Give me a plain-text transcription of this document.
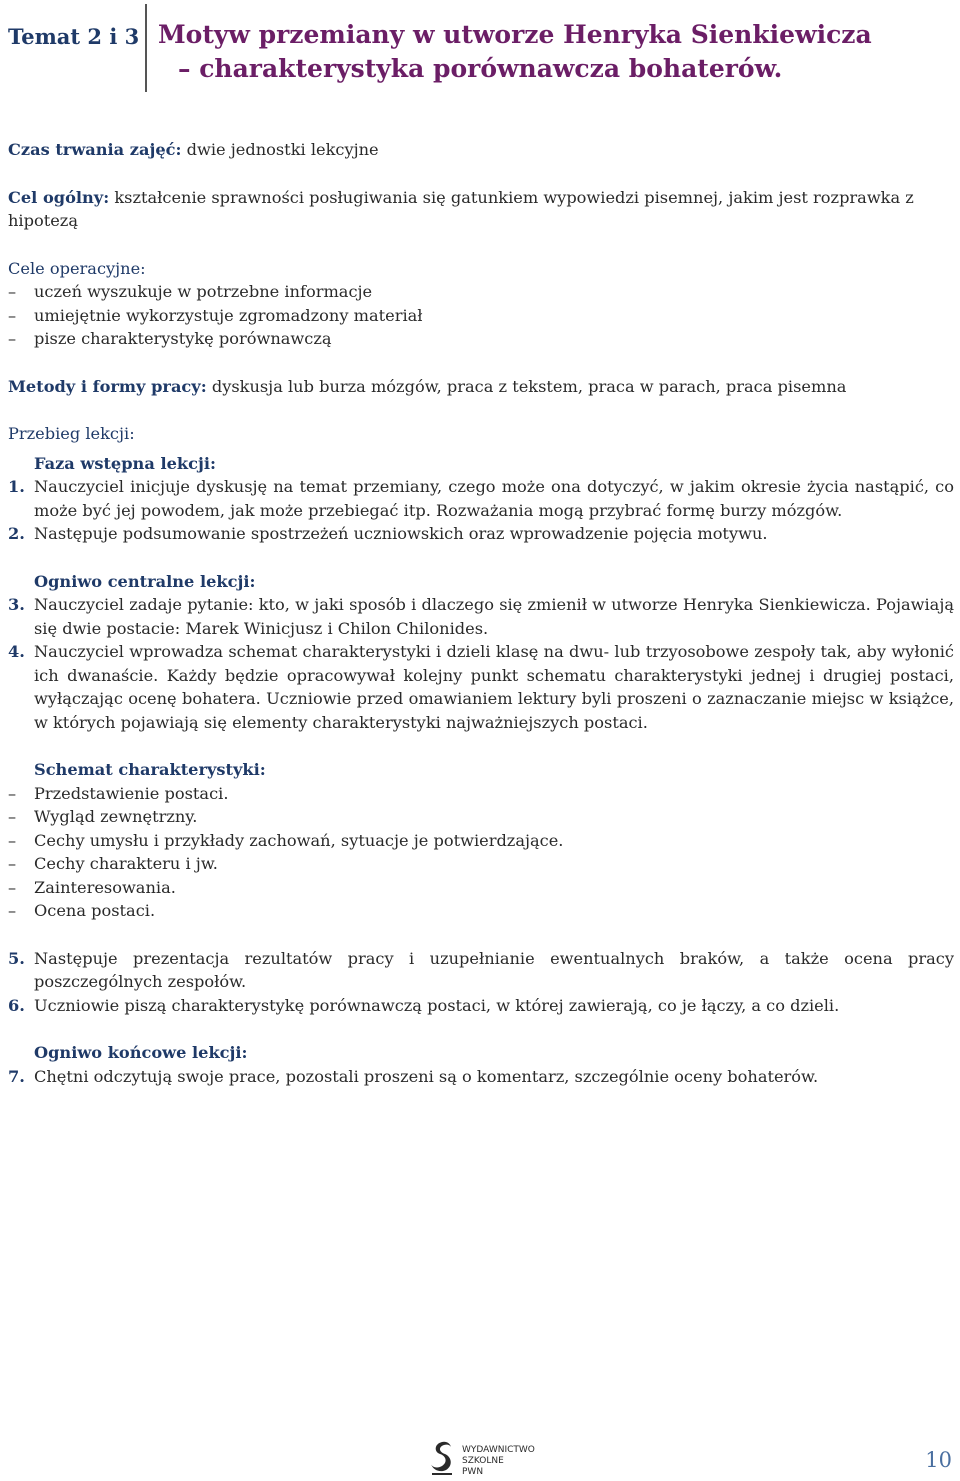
Temat 2 i 3 Motyw przemiany w utworze Henryka Sienkiewicza
– charakterystyka porównawcza bohaterów.

Czas trwania zajęć: dwie jednostki lekcyjne

Cel ogólny: kształcenie sprawności posługiwania się gatunkiem wypowiedzi pisemnej, jakim jest rozprawka z hipotezą

Cele operacyjne:

– uczeń wyszukuje w potrzebne informacje
– umiejętnie wykorzystuje zgromadzony materiał
– pisze charakterystykę porównawczą

Metody i formy pracy: dyskusja lub burza mózgów, praca z tekstem, praca w parach, praca pisemna

Przebieg lekcji:

Faza wstępna lekcji:

1. Nauczyciel inicjuje dyskusję na temat przemiany, czego może ona dotyczyć, w jakim okresie życia nastąpić, co może być jej powodem, jak może przebiegać itp. Rozważania mogą przybrać formę burzy mózgów.
2. Następuje podsumowanie spostrzeżeń uczniowskich oraz wprowadzenie pojęcia motywu.

Ogniwo centralne lekcji:

3. Nauczyciel zadaje pytanie: kto, w jaki sposób i dlaczego się zmienił w utworze Henryka Sienkiewicza. Pojawiają się dwie postacie: Marek Winicjusz i Chilon Chilonides.
4. Nauczyciel wprowadza schemat charakterystyki i dzieli klasę na dwu- lub trzyosobowe zespoły tak, aby wyłonić ich dwanaście. Każdy będzie opracowywał kolejny punkt schematu charakterystyki jednej i drugiej postaci, wyłączając ocenę bohatera. Uczniowie przed omawianiem lektury byli proszeni o zaznaczanie miejsc w książce, w których pojawiają się elementy charakterystyki najważniejszych postaci.

Schemat charakterystyki:

– Przedstawienie postaci.
– Wygląd zewnętrzny.
– Cechy umysłu i przykłady zachowań, sytuacje je potwierdzające.
– Cechy charakteru i jw.
– Zainteresowania.
– Ocena postaci.
5. Następuje prezentacja rezultatów pracy i uzupełnianie ewentualnych braków, a także ocena pracy poszczególnych zespołów.
6. Uczniowie piszą charakterystykę porównawczą postaci, w której zawierają, co je łączy, a co dzieli.

Ogniwo końcowe lekcji:

7. Chętni odczytują swoje prace, pozostali proszeni są o komentarz, szczególnie oceny bohaterów.
WYDAWNICTWO
SZKOLNE
PWN	10
